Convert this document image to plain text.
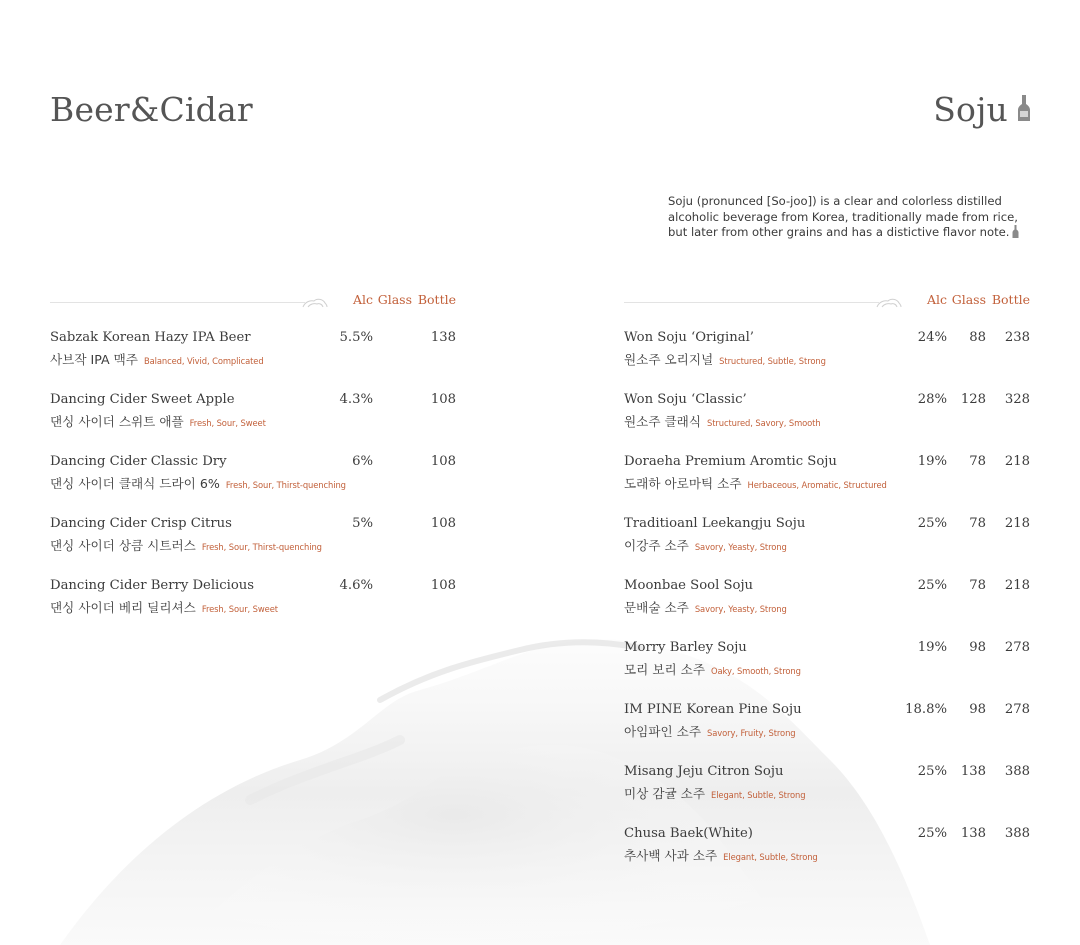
Beer&Cidar	Soju

Soju (pronunced [So-joo]) is a clear and colorless distilled alcoholic beverage from Korea, traditionally made from rice, but later from other grains and has a distictive flavor note.

Alc Glass Bottle
Sabzak Korean Hazy IPA Beer
사브작 IPA 맥주 Balanced, Vivid, Complicated
5.5%	138
Dancing Cider Sweet Apple
댄싱 사이더 스위트 애플 Fresh, Sour, Sweet
4.3%	108
Dancing Cider Classic Dry
댄싱 사이더 클래식 드라이 6% Fresh, Sour, Thirst-quenching
6%	108
Dancing Cider Crisp Citrus
댄싱 사이더 상큼 시트러스 Fresh, Sour, Thirst-quenching
5%	108
Dancing Cider Berry Delicious
댄싱 사이더 베리 딜리셔스 Fresh, Sour, Sweet
4.6%	108
Alc Glass Bottle
Won Soju ‘Original’
원소주 오리지널 Structured, Subtle, Strong
24% 88 238
Won Soju ‘Classic’
원소주 클래식 Structured, Savory, Smooth
28% 128 328
Doraeha Premium Aromtic Soju
도래하 아로마틱 소주 Herbaceous, Aromatic, Structured
19% 78 218
Traditioanl Leekangju Soju
이강주 소주 Savory, Yeasty, Strong
25% 78 218
Moonbae Sool Soju
문배술 소주 Savory, Yeasty, Strong
25% 78 218
Morry Barley Soju
모리 보리 소주 Oaky, Smooth, Strong
19% 98 278
IM PINE Korean Pine Soju
아임파인 소주 Savory, Fruity, Strong
18.8% 98 278
Misang Jeju Citron Soju
미상 감귤 소주 Elegant, Subtle, Strong
25% 138 388
Chusa Baek(White)
추사백 사과 소주 Elegant, Subtle, Strong
25% 138 388
